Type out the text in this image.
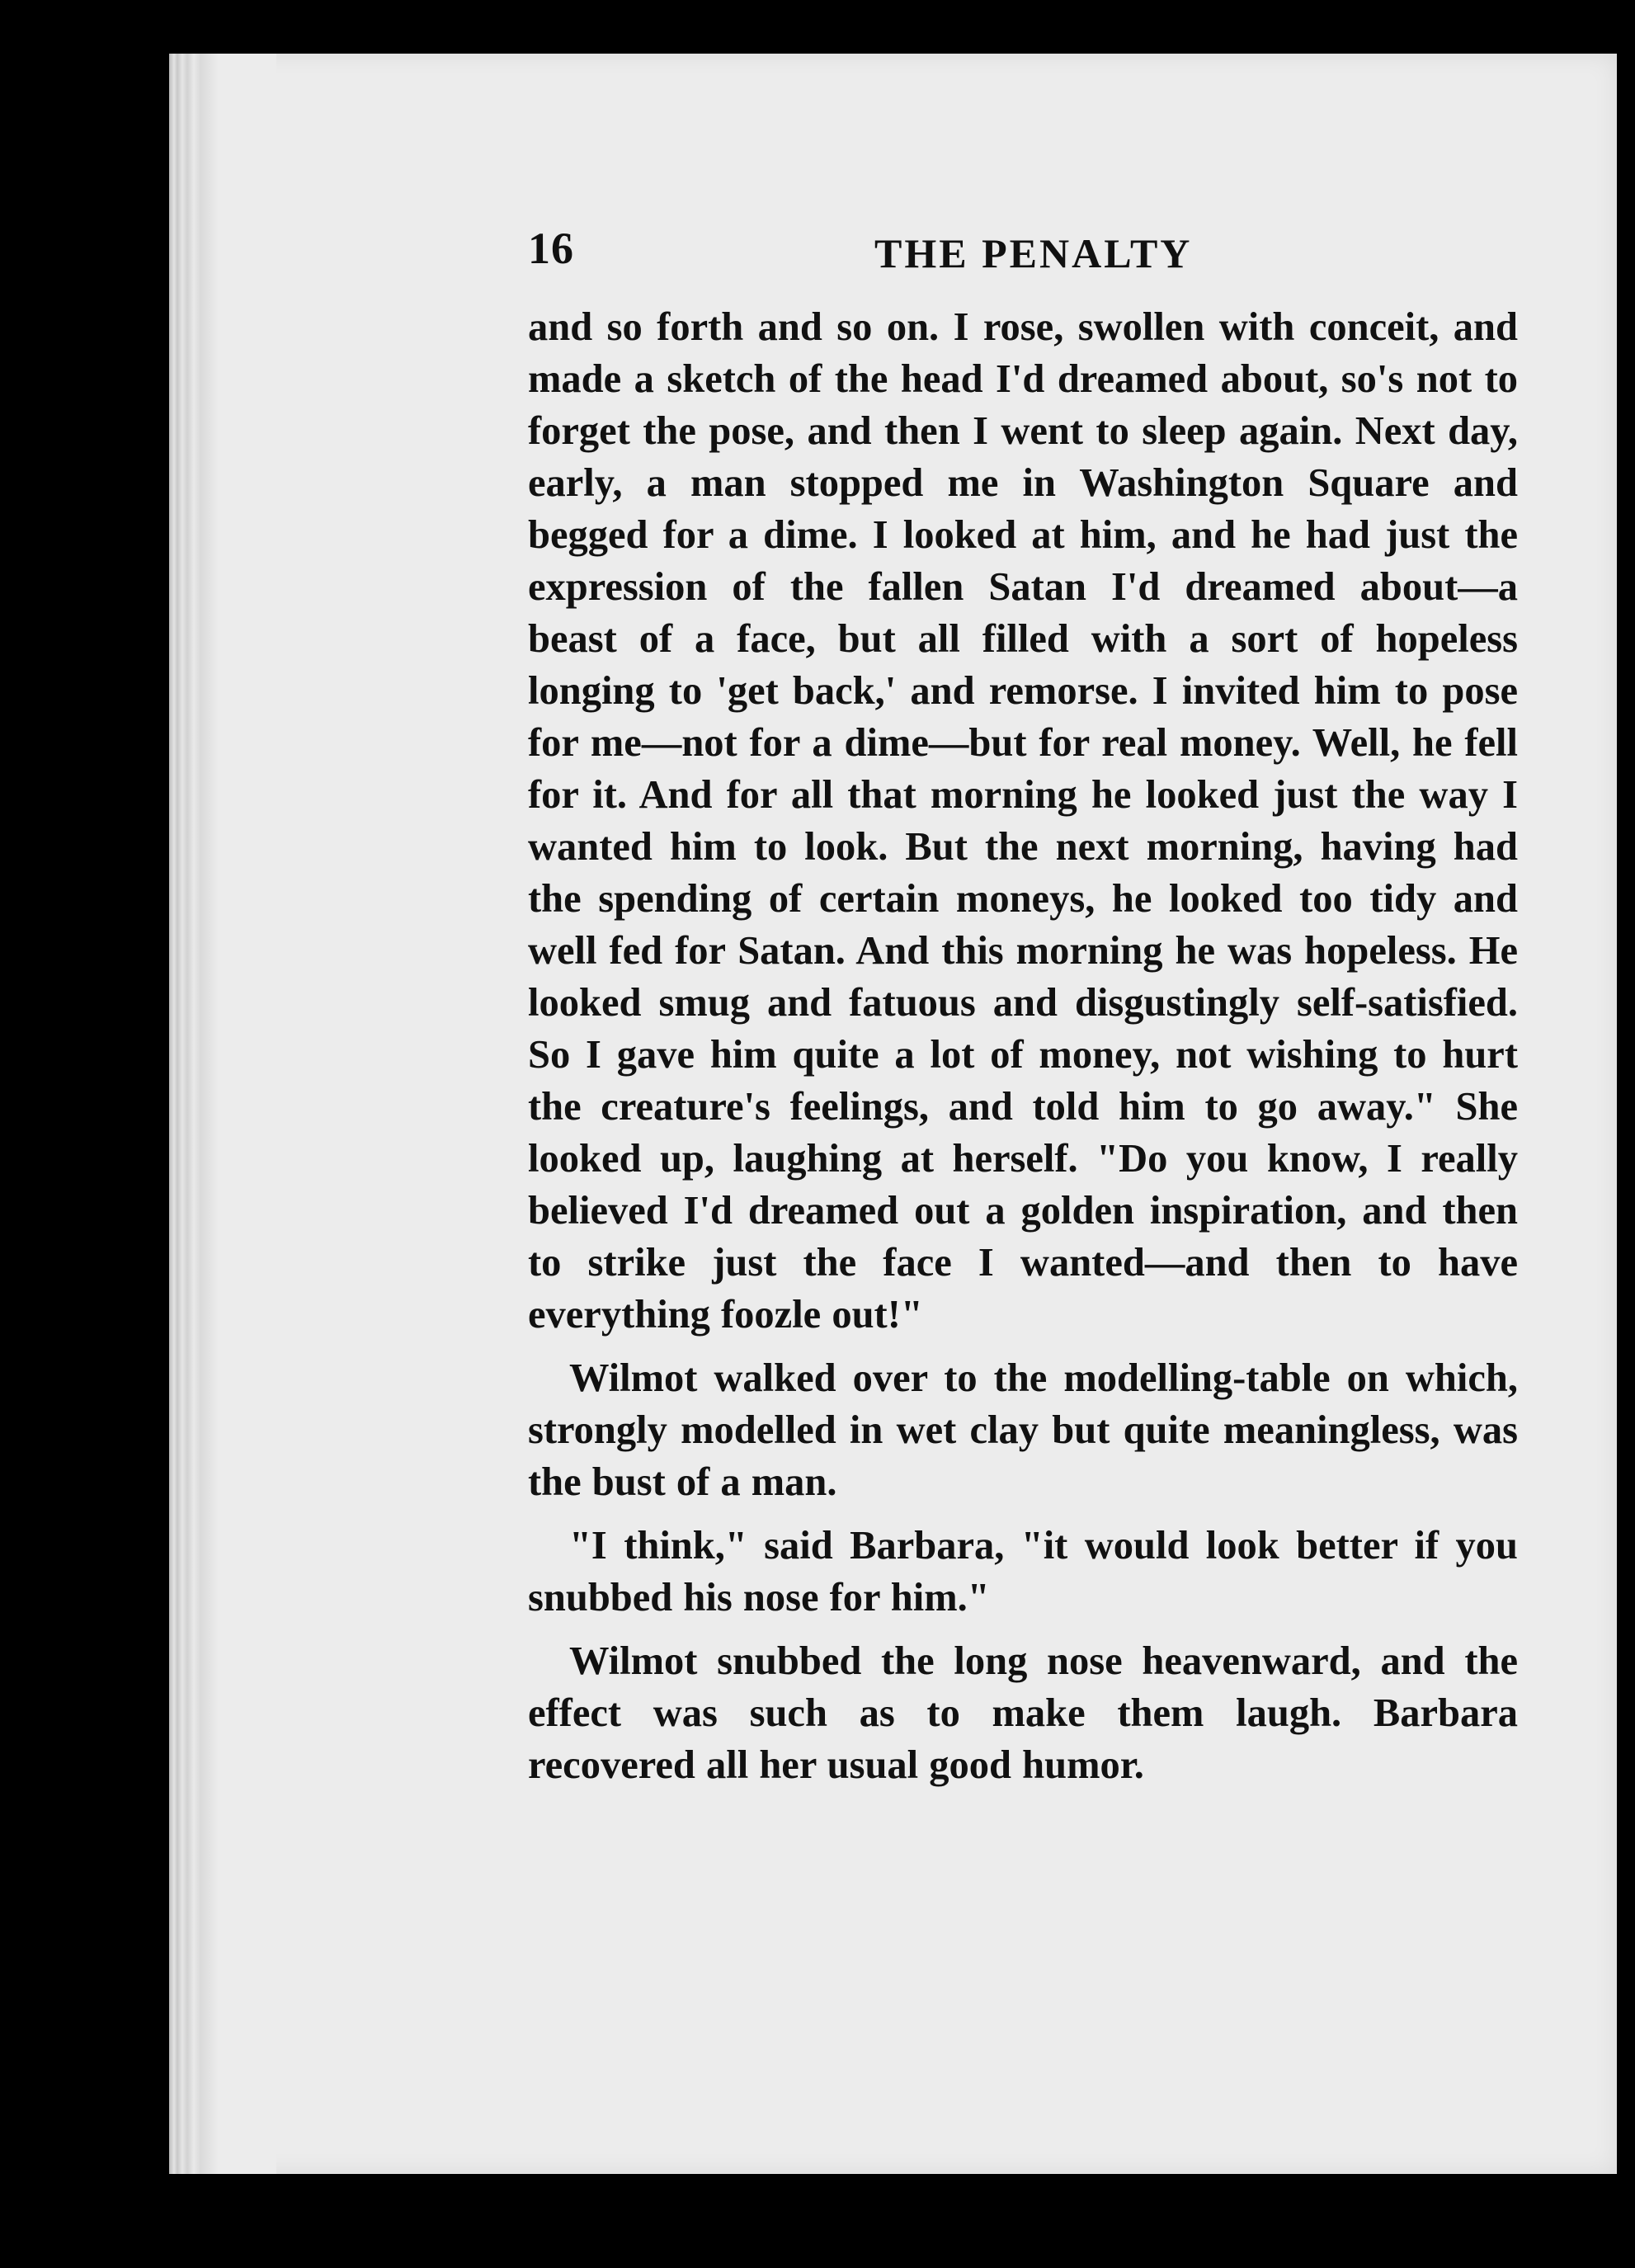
16	THE PENALTY

and so forth and so on. I rose, swollen with conceit, and made a sketch of the head I'd dreamed about, so's not to forget the pose, and then I went to sleep again. Next day, early, a man stopped me in Washington Square and begged for a dime. I looked at him, and he had just the expression of the fallen Satan I'd dreamed about—a beast of a face, but all filled with a sort of hopeless longing to 'get back,' and remorse. I invited him to pose for me—not for a dime—but for real money. Well, he fell for it. And for all that morning he looked just the way I wanted him to look. But the next morning, having had the spending of certain moneys, he looked too tidy and well fed for Satan. And this morning he was hopeless. He looked smug and fatuous and disgustingly self-satisfied. So I gave him quite a lot of money, not wishing to hurt the creature's feelings, and told him to go away." She looked up, laughing at herself. "Do you know, I really believed I'd dreamed out a golden inspiration, and then to strike just the face I wanted—and then to have everything foozle out!"

Wilmot walked over to the modelling-table on which, strongly modelled in wet clay but quite meaningless, was the bust of a man.

"I think," said Barbara, "it would look better if you snubbed his nose for him."

Wilmot snubbed the long nose heavenward, and the effect was such as to make them laugh. Barbara recovered all her usual good humor.
